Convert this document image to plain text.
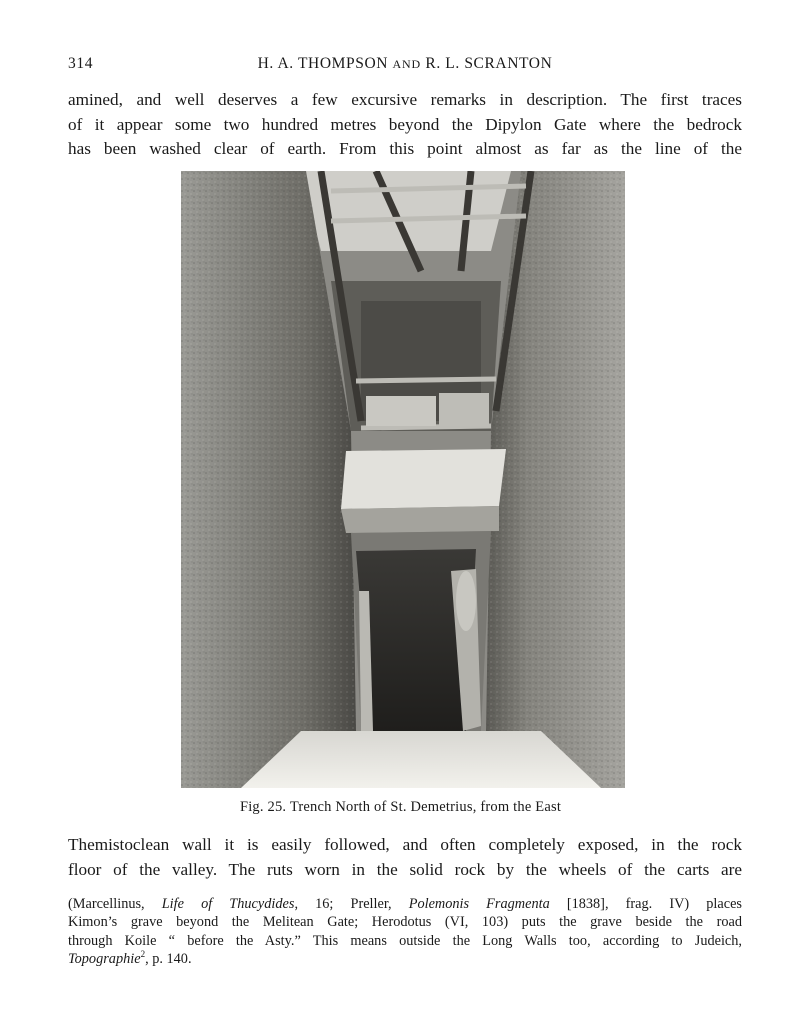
314	H. A. THOMPSON AND R. L. SCRANTON
amined, and well deserves a few excursive remarks in description. The first traces
of it appear some two hundred metres beyond the Dipylon Gate where the bedrock
has been washed clear of earth. From this point almost as far as the line of the
Fig. 25. Trench North of St. Demetrius, from the East
Themistoclean wall it is easily followed, and often completely exposed, in the rock
floor of the valley. The ruts worn in the solid rock by the wheels of the carts are
(Marcellinus, Life of Thucydides, 16; Preller, Polemonis Fragmenta [1838], frag. IV) places
Kimon’s grave beyond the Melitean Gate; Herodotus (VI, 103) puts the grave beside the road
through Koile “ before the Asty.” This means outside the Long Walls too, according to Judeich,
Topographie$^2$, p. 140.
